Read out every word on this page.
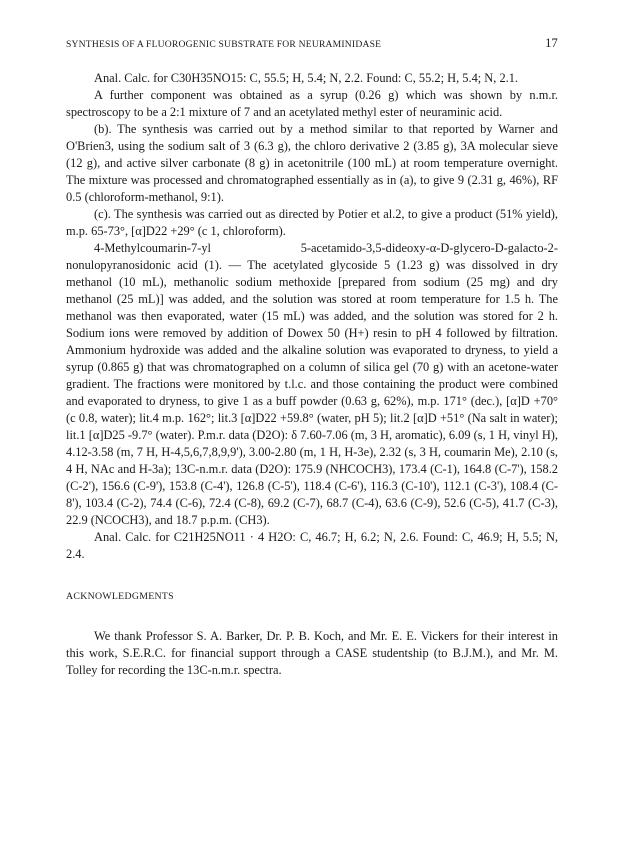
SYNTHESIS OF A FLUOROGENIC SUBSTRATE FOR NEURAMINIDASE	17

Anal. Calc. for C30H35NO15: C, 55.5; H, 5.4; N, 2.2. Found: C, 55.2; H, 5.4; N, 2.1.

A further component was obtained as a syrup (0.26 g) which was shown by n.m.r. spectroscopy to be a 2:1 mixture of 7 and an acetylated methyl ester of neuraminic acid.

(b). The synthesis was carried out by a method similar to that reported by Warner and O'Brien3, using the sodium salt of 3 (6.3 g), the chloro derivative 2 (3.85 g), 3A molecular sieve (12 g), and active silver carbonate (8 g) in acetonitrile (100 mL) at room temperature overnight. The mixture was processed and chromatographed essentially as in (a), to give 9 (2.31 g, 46%), RF 0.5 (chloroform-methanol, 9:1).

(c). The synthesis was carried out as directed by Potier et al.2, to give a product (51% yield), m.p. 65-73°, [α]D22 +29° (c 1, chloroform).

4-Methylcoumarin-7-yl 5-acetamido-3,5-dideoxy-α-D-glycero-D-galacto-2-nonulopyranosidonic acid (1). — The acetylated glycoside 5 (1.23 g) was dissolved in dry methanol (10 mL), methanolic sodium methoxide [prepared from sodium (25 mg) and dry methanol (25 mL)] was added, and the solution was stored at room temperature for 1.5 h. The methanol was then evaporated, water (15 mL) was added, and the solution was stored for 2 h. Sodium ions were removed by addition of Dowex 50 (H+) resin to pH 4 followed by filtration. Ammonium hydroxide was added and the alkaline solution was evaporated to dryness, to yield a syrup (0.865 g) that was chromatographed on a column of silica gel (70 g) with an acetone-water gradient. The fractions were monitored by t.l.c. and those containing the product were combined and evaporated to dryness, to give 1 as a buff powder (0.63 g, 62%), m.p. 171° (dec.), [α]D +70° (c 0.8, water); lit.4 m.p. 162°; lit.3 [α]D22 +59.8° (water, pH 5); lit.2 [α]D +51° (Na salt in water); lit.1 [α]D25 -9.7° (water). P.m.r. data (D2O): δ 7.60-7.06 (m, 3 H, aromatic), 6.09 (s, 1 H, vinyl H), 4.12-3.58 (m, 7 H, H-4,5,6,7,8,9,9'), 3.00-2.80 (m, 1 H, H-3e), 2.32 (s, 3 H, coumarin Me), 2.10 (s, 4 H, NAc and H-3a); 13C-n.m.r. data (D2O): 175.9 (NHCOCH3), 173.4 (C-1), 164.8 (C-7'), 158.2 (C-2'), 156.6 (C-9'), 153.8 (C-4'), 126.8 (C-5'), 118.4 (C-6'), 116.3 (C-10'), 112.1 (C-3'), 108.4 (C-8'), 103.4 (C-2), 74.4 (C-6), 72.4 (C-8), 69.2 (C-7), 68.7 (C-4), 63.6 (C-9), 52.6 (C-5), 41.7 (C-3), 22.9 (NCOCH3), and 18.7 p.p.m. (CH3).

Anal. Calc. for C21H25NO11 · 4 H2O: C, 46.7; H, 6.2; N, 2.6. Found: C, 46.9; H, 5.5; N, 2.4.

ACKNOWLEDGMENTS

We thank Professor S. A. Barker, Dr. P. B. Koch, and Mr. E. E. Vickers for their interest in this work, S.E.R.C. for financial support through a CASE studentship (to B.J.M.), and Mr. M. Tolley for recording the 13C-n.m.r. spectra.
